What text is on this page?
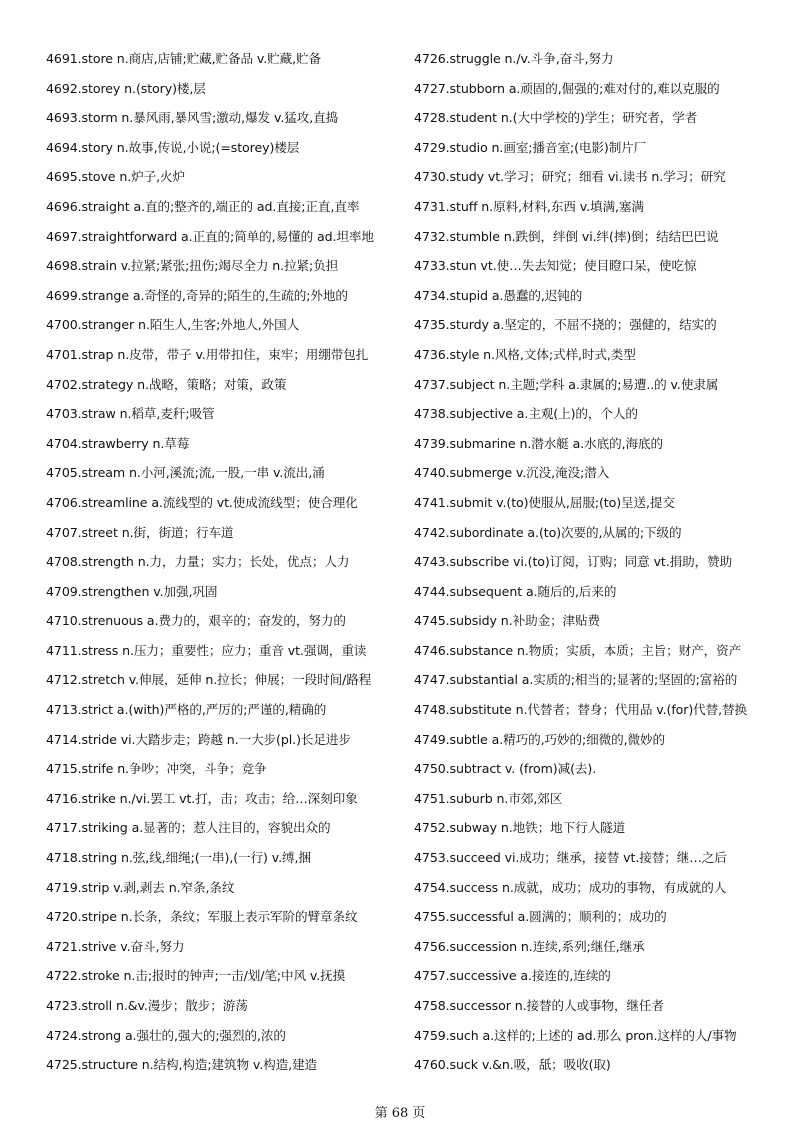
4691.store n.商店,店铺;贮藏,贮备品 v.贮藏,贮备
4692.storey n.(story)楼,层
4693.storm n.暴风雨,暴风雪;激动,爆发 v.猛攻,直捣
4694.story n.故事,传说,小说;(=storey)楼层
4695.stove n.炉子,火炉
4696.straight a.直的;整齐的,端正的 ad.直接;正直,直率
4697.straightforward a.正直的;简单的,易懂的 ad.坦率地
4698.strain v.拉紧;紧张;扭伤;竭尽全力 n.拉紧;负担
4699.strange a.奇怪的,奇异的;陌生的,生疏的;外地的
4700.stranger n.陌生人,生客;外地人,外国人
4701.strap n.皮带，带子 v.用带扣住，束牢；用绷带包扎
4702.strategy n.战略，策略；对策，政策
4703.straw n.稻草,麦秆;吸管
4704.strawberry n.草莓
4705.stream n.小河,溪流;流,一股,一串 v.流出,涌
4706.streamline a.流线型的 vt.使成流线型；使合理化
4707.street n.街，街道；行车道
4708.strength n.力，力量；实力；长处，优点；人力
4709.strengthen v.加强,巩固
4710.strenuous a.费力的，艰辛的；奋发的，努力的
4711.stress n.压力；重要性；应力；重音 vt.强调，重读
4712.stretch v.伸展，延伸 n.拉长；伸展；一段时间/路程
4713.strict a.(with)严格的,严厉的;严谨的,精确的
4714.stride vi.大踏步走；跨越 n.一大步(pl.)长足进步
4715.strife n.争吵；冲突，斗争；竞争
4716.strike n./vi.罢工 vt.打，击；攻击；给…深刻印象
4717.striking a.显著的；惹人注目的，容貌出众的
4718.string n.弦,线,细绳;(一串),(一行) v.缚,捆
4719.strip v.剥,剥去 n.窄条,条纹
4720.stripe n.长条，条纹；军服上表示军阶的臂章条纹
4721.strive v.奋斗,努力
4722.stroke n.击;报时的钟声;一击/划/笔;中风 v.抚摸
4723.stroll n.&v.漫步；散步；游荡
4724.strong a.强壮的,强大的;强烈的,浓的
4725.structure n.结构,构造;建筑物 v.构造,建造
4726.struggle n./v.斗争,奋斗,努力
4727.stubborn a.顽固的,倔强的;难对付的,难以克服的
4728.student n.(大中学校的)学生；研究者，学者
4729.studio n.画室;播音室;(电影)制片厂
4730.study vt.学习；研究；细看 vi.读书 n.学习；研究
4731.stuff n.原料,材料,东西 v.填满,塞满
4732.stumble n.跌倒，绊倒 vi.绊(摔)倒；结结巴巴说
4733.stun vt.使…失去知觉；使目瞪口呆，使吃惊
4734.stupid a.愚蠢的,迟钝的
4735.sturdy a.坚定的，不屈不挠的；强健的，结实的
4736.style n.风格,文体;式样,时式,类型
4737.subject n.主题;学科 a.隶属的;易遭..的 v.使隶属
4738.subjective a.主观(上)的，个人的
4739.submarine n.潜水艇 a.水底的,海底的
4740.submerge v.沉没,淹没;潜入
4741.submit v.(to)使服从,屈服;(to)呈送,提交
4742.subordinate a.(to)次要的,从属的;下级的
4743.subscribe vi.(to)订阅，订购；同意 vt.捐助，赞助
4744.subsequent a.随后的,后来的
4745.subsidy n.补助金；津贴费
4746.substance n.物质；实质，本质；主旨；财产，资产
4747.substantial a.实质的;相当的;显著的;坚固的;富裕的
4748.substitute n.代替者；替身；代用品 v.(for)代替,替换
4749.subtle a.精巧的,巧妙的;细微的,微妙的
4750.subtract v. (from)减(去).
4751.suburb n.市郊,郊区
4752.subway n.地铁；地下行人隧道
4753.succeed vi.成功；继承，接替 vt.接替；继…之后
4754.success n.成就，成功；成功的事物，有成就的人
4755.successful a.圆满的；顺利的；成功的
4756.succession n.连续,系列;继任,继承
4757.successive a.接连的,连续的
4758.successor n.接替的人或事物，继任者
4759.such a.这样的;上述的 ad.那么 pron.这样的人/事物
4760.suck v.&n.吸，舐；吸收(取)
第 68 页
